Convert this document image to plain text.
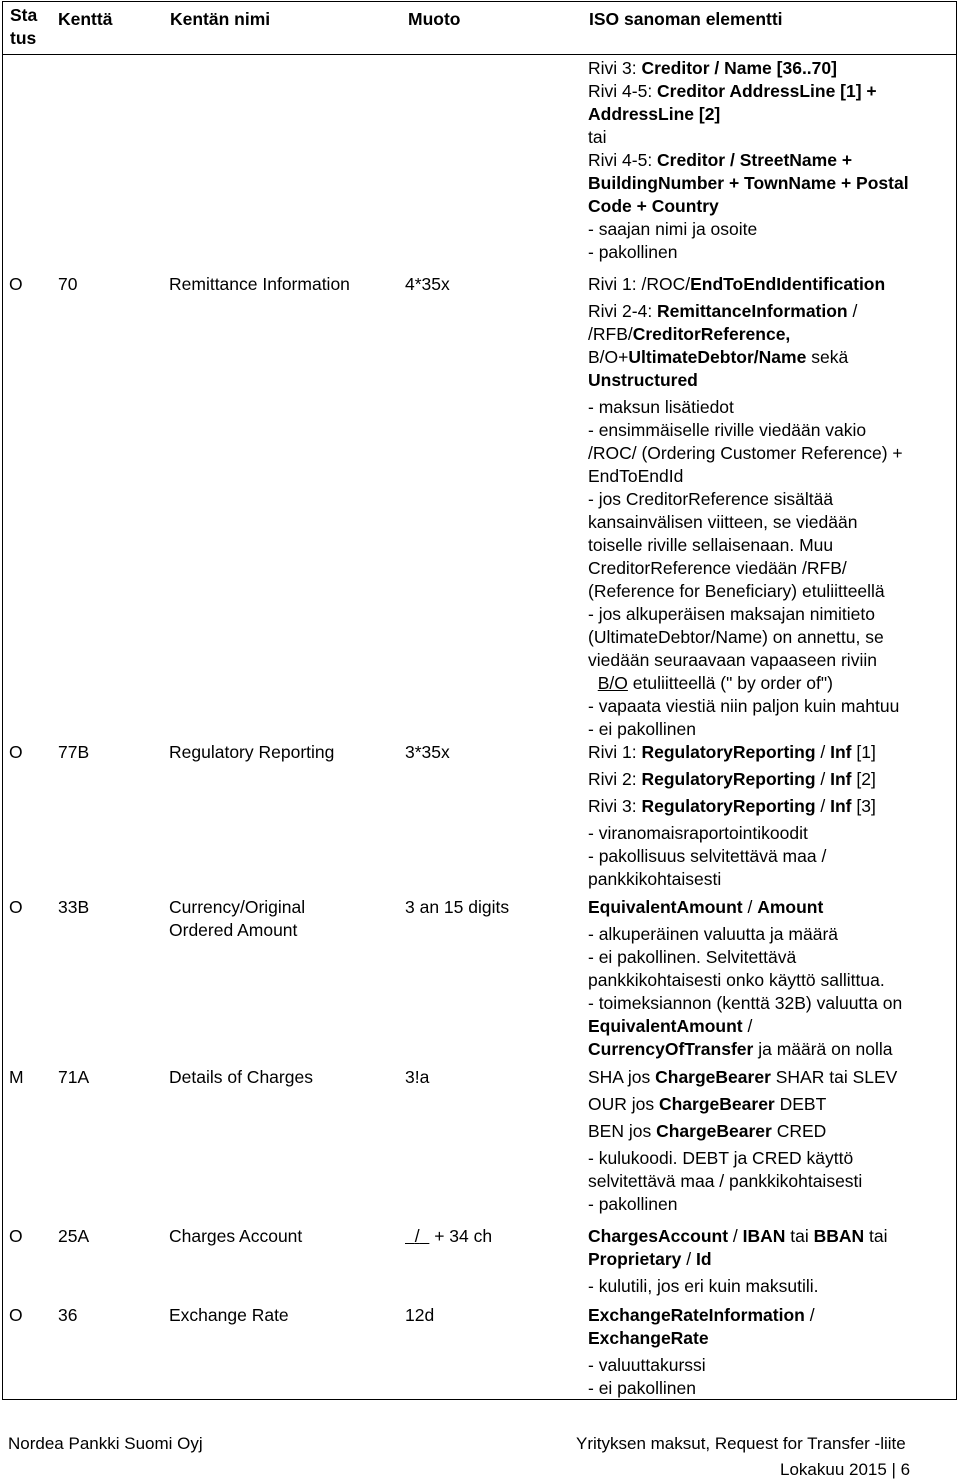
Sta
tus
Kenttä	Kentän nimi	Muoto	ISO sanoman elementti
Rivi 3: Creditor / Name [36..70]
Rivi 4-5: Creditor AddressLine [1] +
AddressLine [2]
tai
Rivi 4-5: Creditor / StreetName +
BuildingNumber + TownName + Postal
Code + Country
- saajan nimi ja osoite
- pakollinen
O 70	Remittance Information	4*35x	Rivi 1: /ROC/EndToEndIdentification
Rivi 2-4: RemittanceInformation /
/RFB/CreditorReference,
B/O+UltimateDebtor/Name sekä
Unstructured
- maksun lisätiedot
- ensimmäiselle riville viedään vakio
/ROC/ (Ordering Customer Reference) +
EndToEndId
- jos CreditorReference sisältää
kansainvälisen viitteen, se viedään
toiselle riville sellaisenaan. Muu
CreditorReference viedään /RFB/
(Reference for Beneficiary) etuliitteellä
- jos alkuperäisen maksajan nimitieto
(UltimateDebtor/Name) on annettu, se
viedään seuraavaan vapaaseen riviin
B/O etuliitteellä (" by order of")
- vapaata viestiä niin paljon kuin mahtuu
- ei pakollinen
O 77B	Regulatory Reporting	3*35x	Rivi 1: RegulatoryReporting / Inf [1]
Rivi 2: RegulatoryReporting / Inf [2]
Rivi 3: RegulatoryReporting / Inf [3]
- viranomaisraportointikoodit
- pakollisuus selvitettävä maa /
pankkikohtaisesti
O 33B	Currency/Original
Ordered Amount
3 an 15 digits	EquivalentAmount / Amount
- alkuperäinen valuutta ja määrä
- ei pakollinen. Selvitettävä
pankkikohtaisesti onko käyttö sallittua.
- toimeksiannon (kenttä 32B) valuutta on
EquivalentAmount /
CurrencyOfTransfer ja määrä on nolla
M 71A	Details of Charges	3!a	SHA jos ChargeBearer SHAR tai SLEV
OUR jos ChargeBearer DEBT
BEN jos ChargeBearer CRED
- kulukoodi. DEBT ja CRED käyttö
selvitettävä maa / pankkikohtaisesti
- pakollinen
O 25A	Charges Account	/   + 34 ch	ChargesAccount / IBAN tai BBAN tai
Proprietary / Id
- kulutili, jos eri kuin maksutili.
O 36	Exchange Rate	12d	ExchangeRateInformation /
ExchangeRate
- valuuttakurssi
- ei pakollinen
Nordea Pankki Suomi Oyj	Yrityksen maksut, Request for Transfer -liite
Lokakuu 2015 | 6
